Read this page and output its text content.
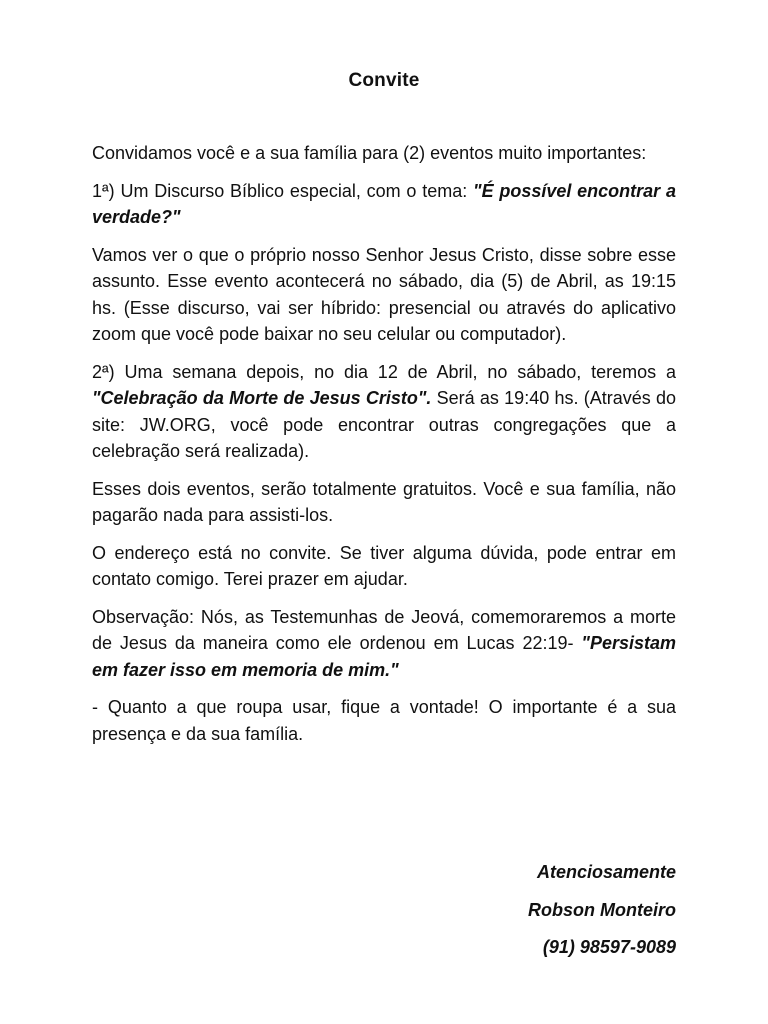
Convite

Convidamos você e a sua família para (2) eventos muito importantes:

1ª) Um Discurso Bíblico especial, com o tema: "É possível encontrar a verdade?"

Vamos ver o que o próprio nosso Senhor Jesus Cristo, disse sobre esse assunto. Esse evento acontecerá no sábado, dia (5) de Abril, as 19:15 hs. (Esse discurso, vai ser híbrido: presencial ou através do aplicativo zoom que você pode baixar no seu celular ou computador).

2ª) Uma semana depois, no dia 12 de Abril, no sábado, teremos a "Celebração da Morte de Jesus Cristo". Será as 19:40 hs. (Através do site: JW.ORG, você pode encontrar outras congregações que a celebração será realizada).

Esses dois eventos, serão totalmente gratuitos. Você e sua família, não pagarão nada para assisti-los.

O endereço está no convite. Se tiver alguma dúvida, pode entrar em contato comigo. Terei prazer em ajudar.

Observação: Nós, as Testemunhas de Jeová, comemoraremos a morte de Jesus da maneira como ele ordenou em Lucas 22:19- "Persistam em fazer isso em memoria de mim."

- Quanto a que roupa usar, fique a vontade! O importante é a sua presença e da sua família.

Atenciosamente
Robson Monteiro
(91) 98597-9089
